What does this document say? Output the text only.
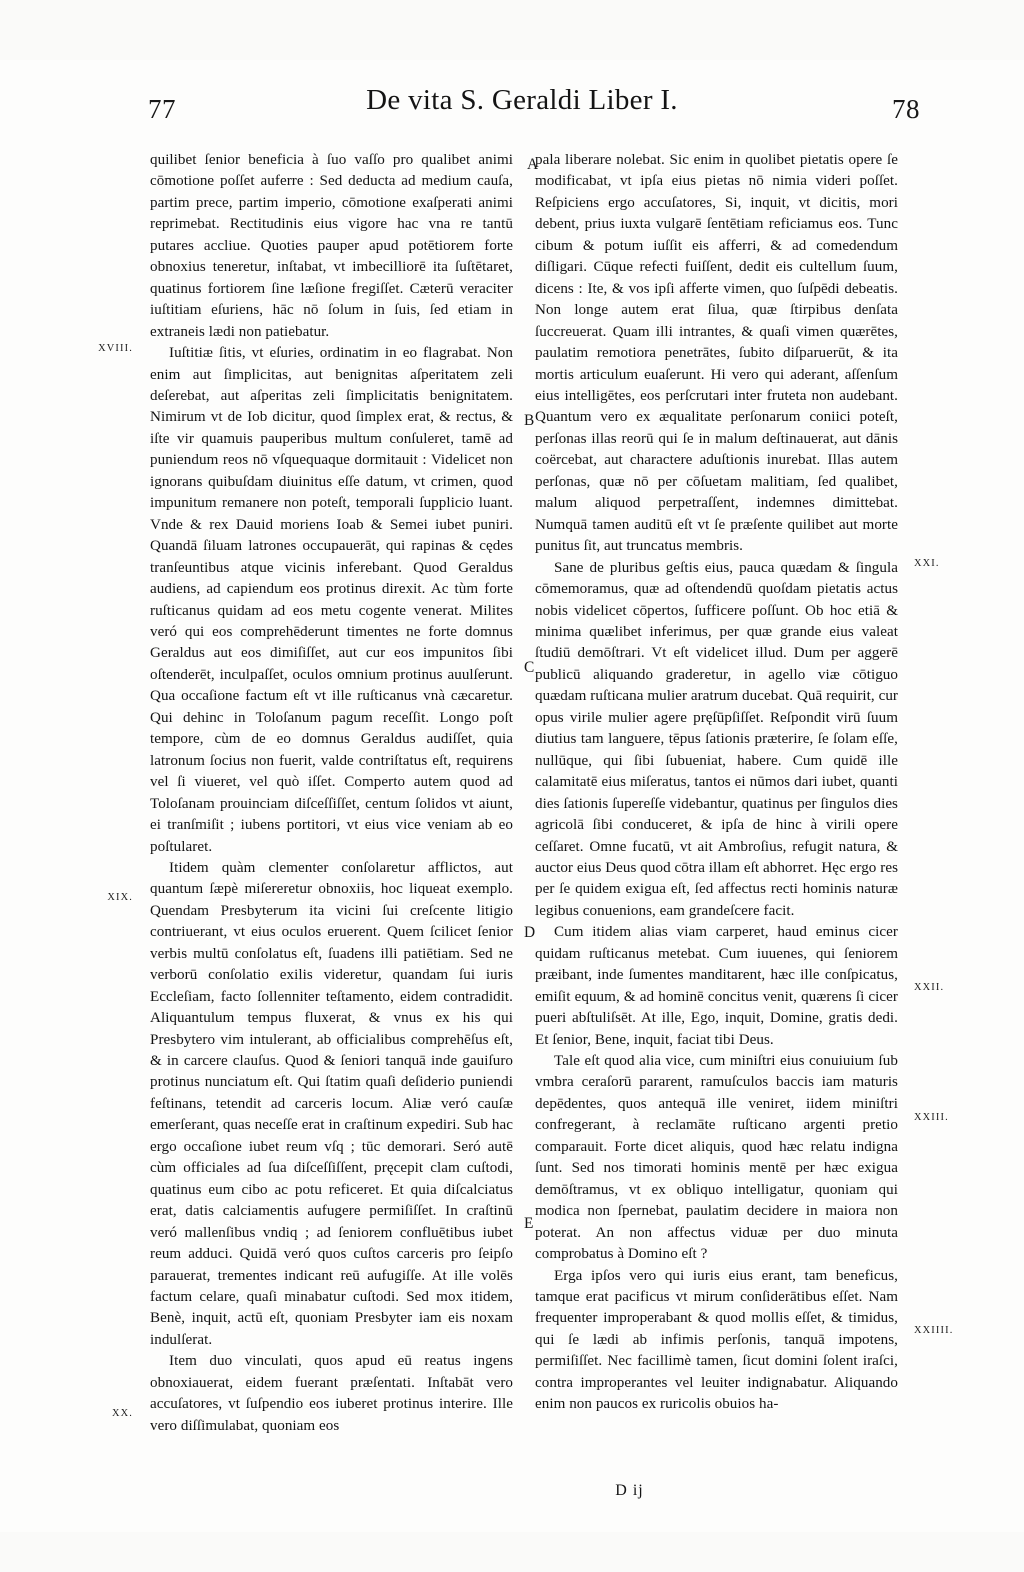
77	De vita S. Geraldi Liber I.	78

quilibet ſenior beneficia à ſuo vaſſo pro qualibet animi cōmotione poſſet auferre : Sed deducta ad medium cauſa, partim prece, partim imperio, cōmotione exaſperati animi reprimebat. Rectitudinis eius vigore hac vna re tantū putares accliue. Quoties pauper apud potētiorem forte obnoxius teneretur, inſtabat, vt imbecilliorē ita ſuſtētaret, quatinus fortiorem ſine læſione fregiſſet. Cæterū veraciter iuſtitiam eſuriens, hāc nō ſolum in ſuis, ſed etiam in extraneis lædi non patiebatur.

XVIII.	Iuſtitiæ ſitis, vt eſuries, ordinatim in eo flagrabat. Non enim aut ſimplicitas, aut benignitas aſperitatem zeli deſerebat, aut aſperitas zeli ſimplicitatis benignitatem. Nimirum vt de Iob dicitur, quod ſimplex erat, & rectus, & iſte vir quamuis pauperibus multum conſuleret, tamē ad puniendum reos nō vſquequaque dormitauit : Videlicet non ignorans quibuſdam diuinitus eſſe datum, vt crimen, quod impunitum remanere non poteſt, temporali ſupplicio luant. Vnde & rex Dauid moriens Ioab & Semei iubet puniri. Quandā ſiluam latrones occupauerāt, qui rapinas & cędes tranſeuntibus atque vicinis inferebant. Quod Geraldus audiens, ad capiendum eos protinus direxit. Ac tùm forte ruſticanus quidam ad eos metu cogente venerat. Milites veró qui eos comprehēderunt timentes ne forte domnus Geraldus aut eos dimiſiſſet, aut cur eos impunitos ſibi oſtenderēt, inculpaſſet, oculos omnium protinus auulſerunt. Qua occaſione factum eſt vt ille ruſticanus vnà cæcaretur. Qui dehinc in Toloſanum pagum receſſit. Longo poſt tempore, cùm de eo domnus Geraldus audiſſet, quia latronum ſocius non fuerit, valde contriſtatus eſt, requirens vel ſi viueret, vel quò iſſet. Comperto autem quod ad Toloſanam prouinciam diſceſſiſſet, centum ſolidos vt aiunt, ei tranſmiſit ; iubens portitori, vt eius vice veniam ab eo poſtularet.

XIX.

Itidem quàm clementer conſolaretur afflictos, aut quantum ſæpè miſereretur obnoxiis, hoc liqueat exemplo. Quendam Presbyterum ita vicini ſui creſcente litigio contriuerant, vt eius oculos eruerent. Quem ſcilicet ſenior verbis multū conſolatus eſt, ſuadens illi patiētiam. Sed ne verborū conſolatio exilis videretur, quandam ſui iuris Eccleſiam, facto ſollenniter teſtamento, eidem contradidit. Aliquantulum tempus fluxerat, & vnus ex his qui Presbytero vim intulerant, ab officialibus comprehēſus eſt, & in carcere clauſus. Quod & ſeniori tanquā inde gauiſuro protinus nunciatum eſt. Qui ſtatim quaſi deſiderio puniendi feſtinans, tetendit ad carceris locum. Aliæ veró cauſæ emerſerant, quas neceſſe erat in craſtinum expediri. Sub hac ergo occaſione iubet reum vſq ; tūc demorari. Seró autē cùm officiales ad ſua diſceſſiſſent, pręcepit clam cuſtodi, quatinus eum cibo ac potu reficeret. Et quia diſcalciatus erat, datis calciamentis aufugere permiſiſſet. In craſtinū veró mallenſibus vndiq ; ad ſeniorem confluētibus iubet reum adduci. Quidā veró quos cuſtos carceris pro ſeipſo parauerat, trementes indicant reū aufugiſſe. At ille volēs factum celare, quaſi minabatur cuſtodi. Sed mox itidem, Benè, inquit, actū eſt, quoniam Presbyter iam eis noxam indulſerat.

XX.

Item duo vinculati, quos apud eū reatus ingens obnoxiauerat, eidem fuerant præſentati. Inſtabāt vero accuſatores, vt ſuſpendio eos iuberet protinus interire. Ille vero diſſimulabat, quoniam eos

pala liberare nolebat. Sic enim in quolibet pietatis opere ſe modificabat, vt ipſa eius pietas nō nimia videri poſſet. Reſpiciens ergo accuſatores, Si, inquit, vt dicitis, mori debent, prius iuxta vulgarē ſentētiam reficiamus eos. Tunc cibum & potum iuſſit eis afferri, & ad comedendum diſligari. Cūque refecti fuiſſent, dedit eis cultellum ſuum, dicens : Ite, & vos ipſi afferte vimen, quo ſuſpēdi debeatis. Non longe autem erat ſilua, quæ ſtirpibus denſata ſuccreuerat. Quam illi intrantes, & quaſi vimen quærētes, paulatim remotiora penetrātes, ſubito diſparuerūt, & ita mortis articulum euaſerunt. Hi vero qui aderant, aſſenſum eius intelligētes, eos perſcrutari inter fruteta non audebant. Quantum vero ex æqualitate perſonarum coniici poteſt, perſonas illas reorū qui ſe in malum deſtinauerat, aut dānis coërcebat, aut charactere aduſtionis inurebat. Illas autem perſonas, quæ nō per cōſuetam malitiam, ſed qualibet, malum aliquod perpetraſſent, indemnes dimittebat. Numquā tamen auditū eſt vt ſe præſente quilibet aut morte punitus ſit, aut truncatus membris.

XXI.

Sane de pluribus geſtis eius, pauca quædam & ſingula cōmemoramus, quæ ad oſtendendū quoſdam pietatis actus nobis videlicet cōpertos, ſufficere poſſunt. Ob hoc etiā & minima quælibet inferimus, per quæ grande eius valeat ſtudiū demōſtrari. Vt eſt videlicet illud. Dum per aggerē publicū aliquando graderetur, in agello viæ cōtiguo quædam ruſticana mulier aratrum ducebat. Quā requirit, cur opus virile mulier agere pręſūpſiſſet. Reſpondit virū ſuum diutius tam languere, tēpus ſationis præterire, ſe ſolam eſſe, nullūque, qui ſibi ſubueniat, habere. Cum quidē ille calamitatē eius miſeratus, tantos ei nūmos dari iubet, quanti dies ſationis ſupereſſe videbantur, quatinus per ſingulos dies agricolā ſibi conduceret, & ipſa de hinc à virili opere ceſſaret. Omne fucatū, vt ait Ambroſius, refugit natura, & auctor eius Deus quod cōtra illam eſt abhorret. Hęc ergo res per ſe quidem exigua eſt, ſed affectus recti hominis naturæ legibus conuenions, eam grandeſcere facit.

XXII.

Cum itidem alias viam carperet, haud eminus cicer quidam ruſticanus metebat. Cum iuuenes, qui ſeniorem præibant, inde ſumentes manditarent, hæc ille conſpicatus, emiſit equum, & ad hominē concitus venit, quærens ſi cicer pueri abſtuliſsēt. At ille, Ego, inquit, Domine, gratis dedi. Et ſenior, Bene, inquit, faciat tibi Deus.

XXIII.

Tale eſt quod alia vice, cum miniſtri eius conuiuium ſub vmbra ceraſorū pararent, ramuſculos baccis iam maturis depēdentes, quos antequā ille veniret, iidem miniſtri confregerant, à reclamāte ruſticano argenti pretio comparauit. Forte dicet aliquis, quod hæc relatu indigna ſunt. Sed nos timorati hominis mentē per hæc exigua demōſtramus, vt ex obliquo intelligatur, quoniam qui modica non ſpernebat, paulatim decidere in maiora non poterat. An non affectus viduæ per duo minuta comprobatus à Domino eſt ?

XXIIII.

Erga ipſos vero qui iuris eius erant, tam beneficus, tamque erat pacificus vt mirum conſiderātibus eſſet. Nam frequenter improperabant & quod mollis eſſet, & timidus, qui ſe lædi ab infimis perſonis, tanquā impotens, permiſiſſet. Nec facillimè tamen, ſicut domini ſolent iraſci, contra improperantes vel leuiter indignabatur. Aliquando enim non paucos ex ruricolis obuios ha-

A
B
C
D
E
D ij
